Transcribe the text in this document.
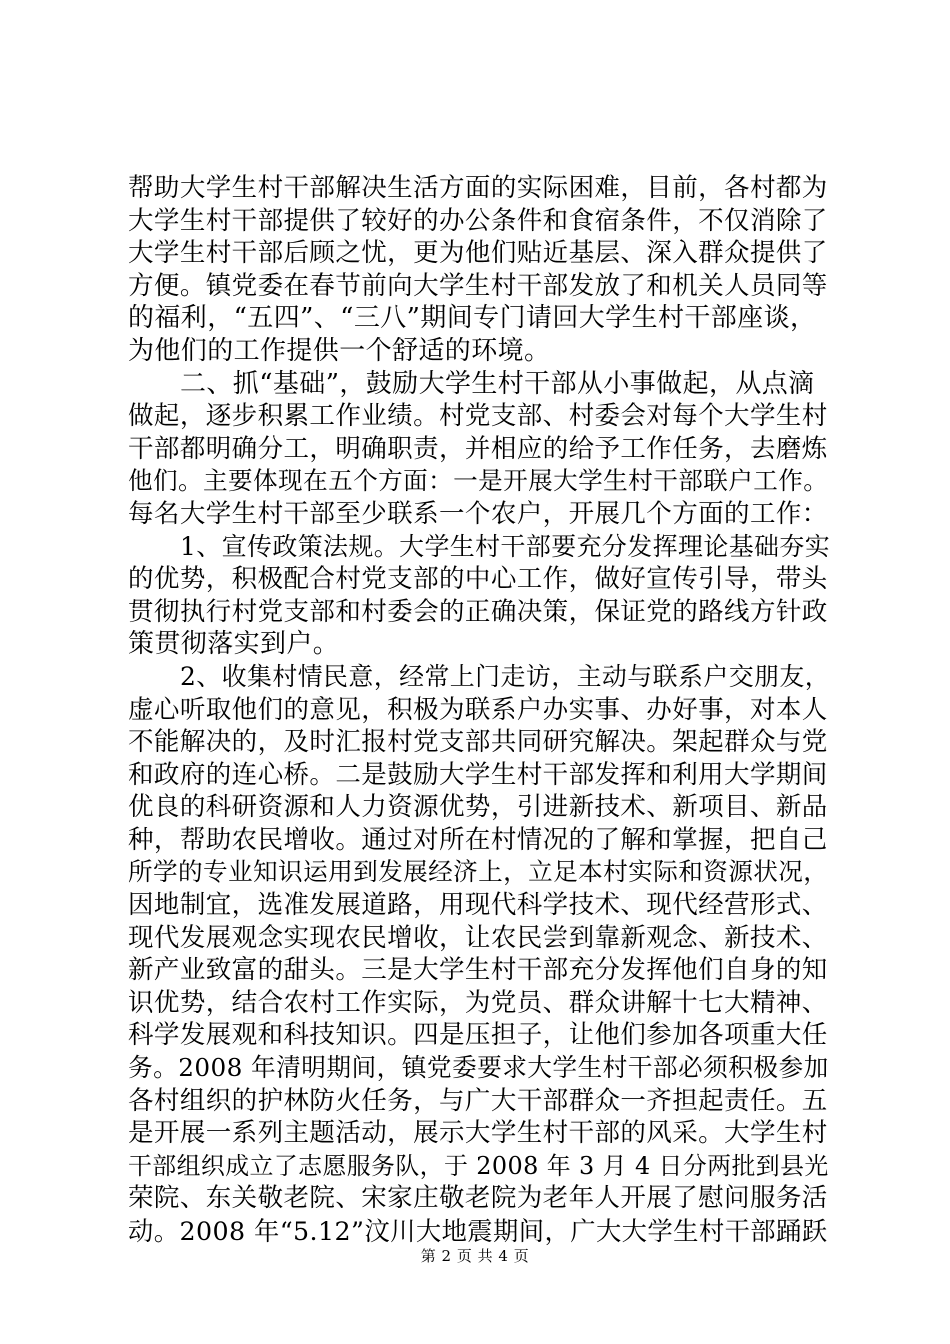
帮助大学生村干部解决生活方面的实际困难，目前，各村都为
大学生村干部提供了较好的办公条件和食宿条件，不仅消除了
大学生村干部后顾之忧，更为他们贴近基层、深入群众提供了
方便。镇党委在春节前向大学生村干部发放了和机关人员同等
的福利，“五四”、“三八”期间专门请回大学生村干部座谈，
为他们的工作提供一个舒适的环境。
二、抓“基础”，鼓励大学生村干部从小事做起，从点滴
做起，逐步积累工作业绩。村党支部、村委会对每个大学生村
干部都明确分工，明确职责，并相应的给予工作任务，去磨炼
他们。主要体现在五个方面：一是开展大学生村干部联户工作。
每名大学生村干部至少联系一个农户，开展几个方面的工作：
1、宣传政策法规。大学生村干部要充分发挥理论基础夯实
的优势，积极配合村党支部的中心工作，做好宣传引导，带头
贯彻执行村党支部和村委会的正确决策，保证党的路线方针政
策贯彻落实到户。
2、收集村情民意，经常上门走访，主动与联系户交朋友，
虚心听取他们的意见，积极为联系户办实事、办好事，对本人
不能解决的，及时汇报村党支部共同研究解决。架起群众与党
和政府的连心桥。二是鼓励大学生村干部发挥和利用大学期间
优良的科研资源和人力资源优势，引进新技术、新项目、新品
种，帮助农民增收。通过对所在村情况的了解和掌握，把自己
所学的专业知识运用到发展经济上，立足本村实际和资源状况，
因地制宜，选准发展道路，用现代科学技术、现代经营形式、
现代发展观念实现农民增收，让农民尝到靠新观念、新技术、
新产业致富的甜头。三是大学生村干部充分发挥他们自身的知
识优势，结合农村工作实际，为党员、群众讲解十七大精神、
科学发展观和科技知识。四是压担子，让他们参加各项重大任
务。2008 年清明期间，镇党委要求大学生村干部必须积极参加
各村组织的护林防火任务，与广大干部群众一齐担起责任。五
是开展一系列主题活动，展示大学生村干部的风采。大学生村
干部组织成立了志愿服务队，于 2008 年 3 月 4 日分两批到县光
荣院、东关敬老院、宋家庄敬老院为老年人开展了慰问服务活
动。2008 年“5.12”汶川大地震期间，广大大学生村干部踊跃
第 2 页 共 4 页
